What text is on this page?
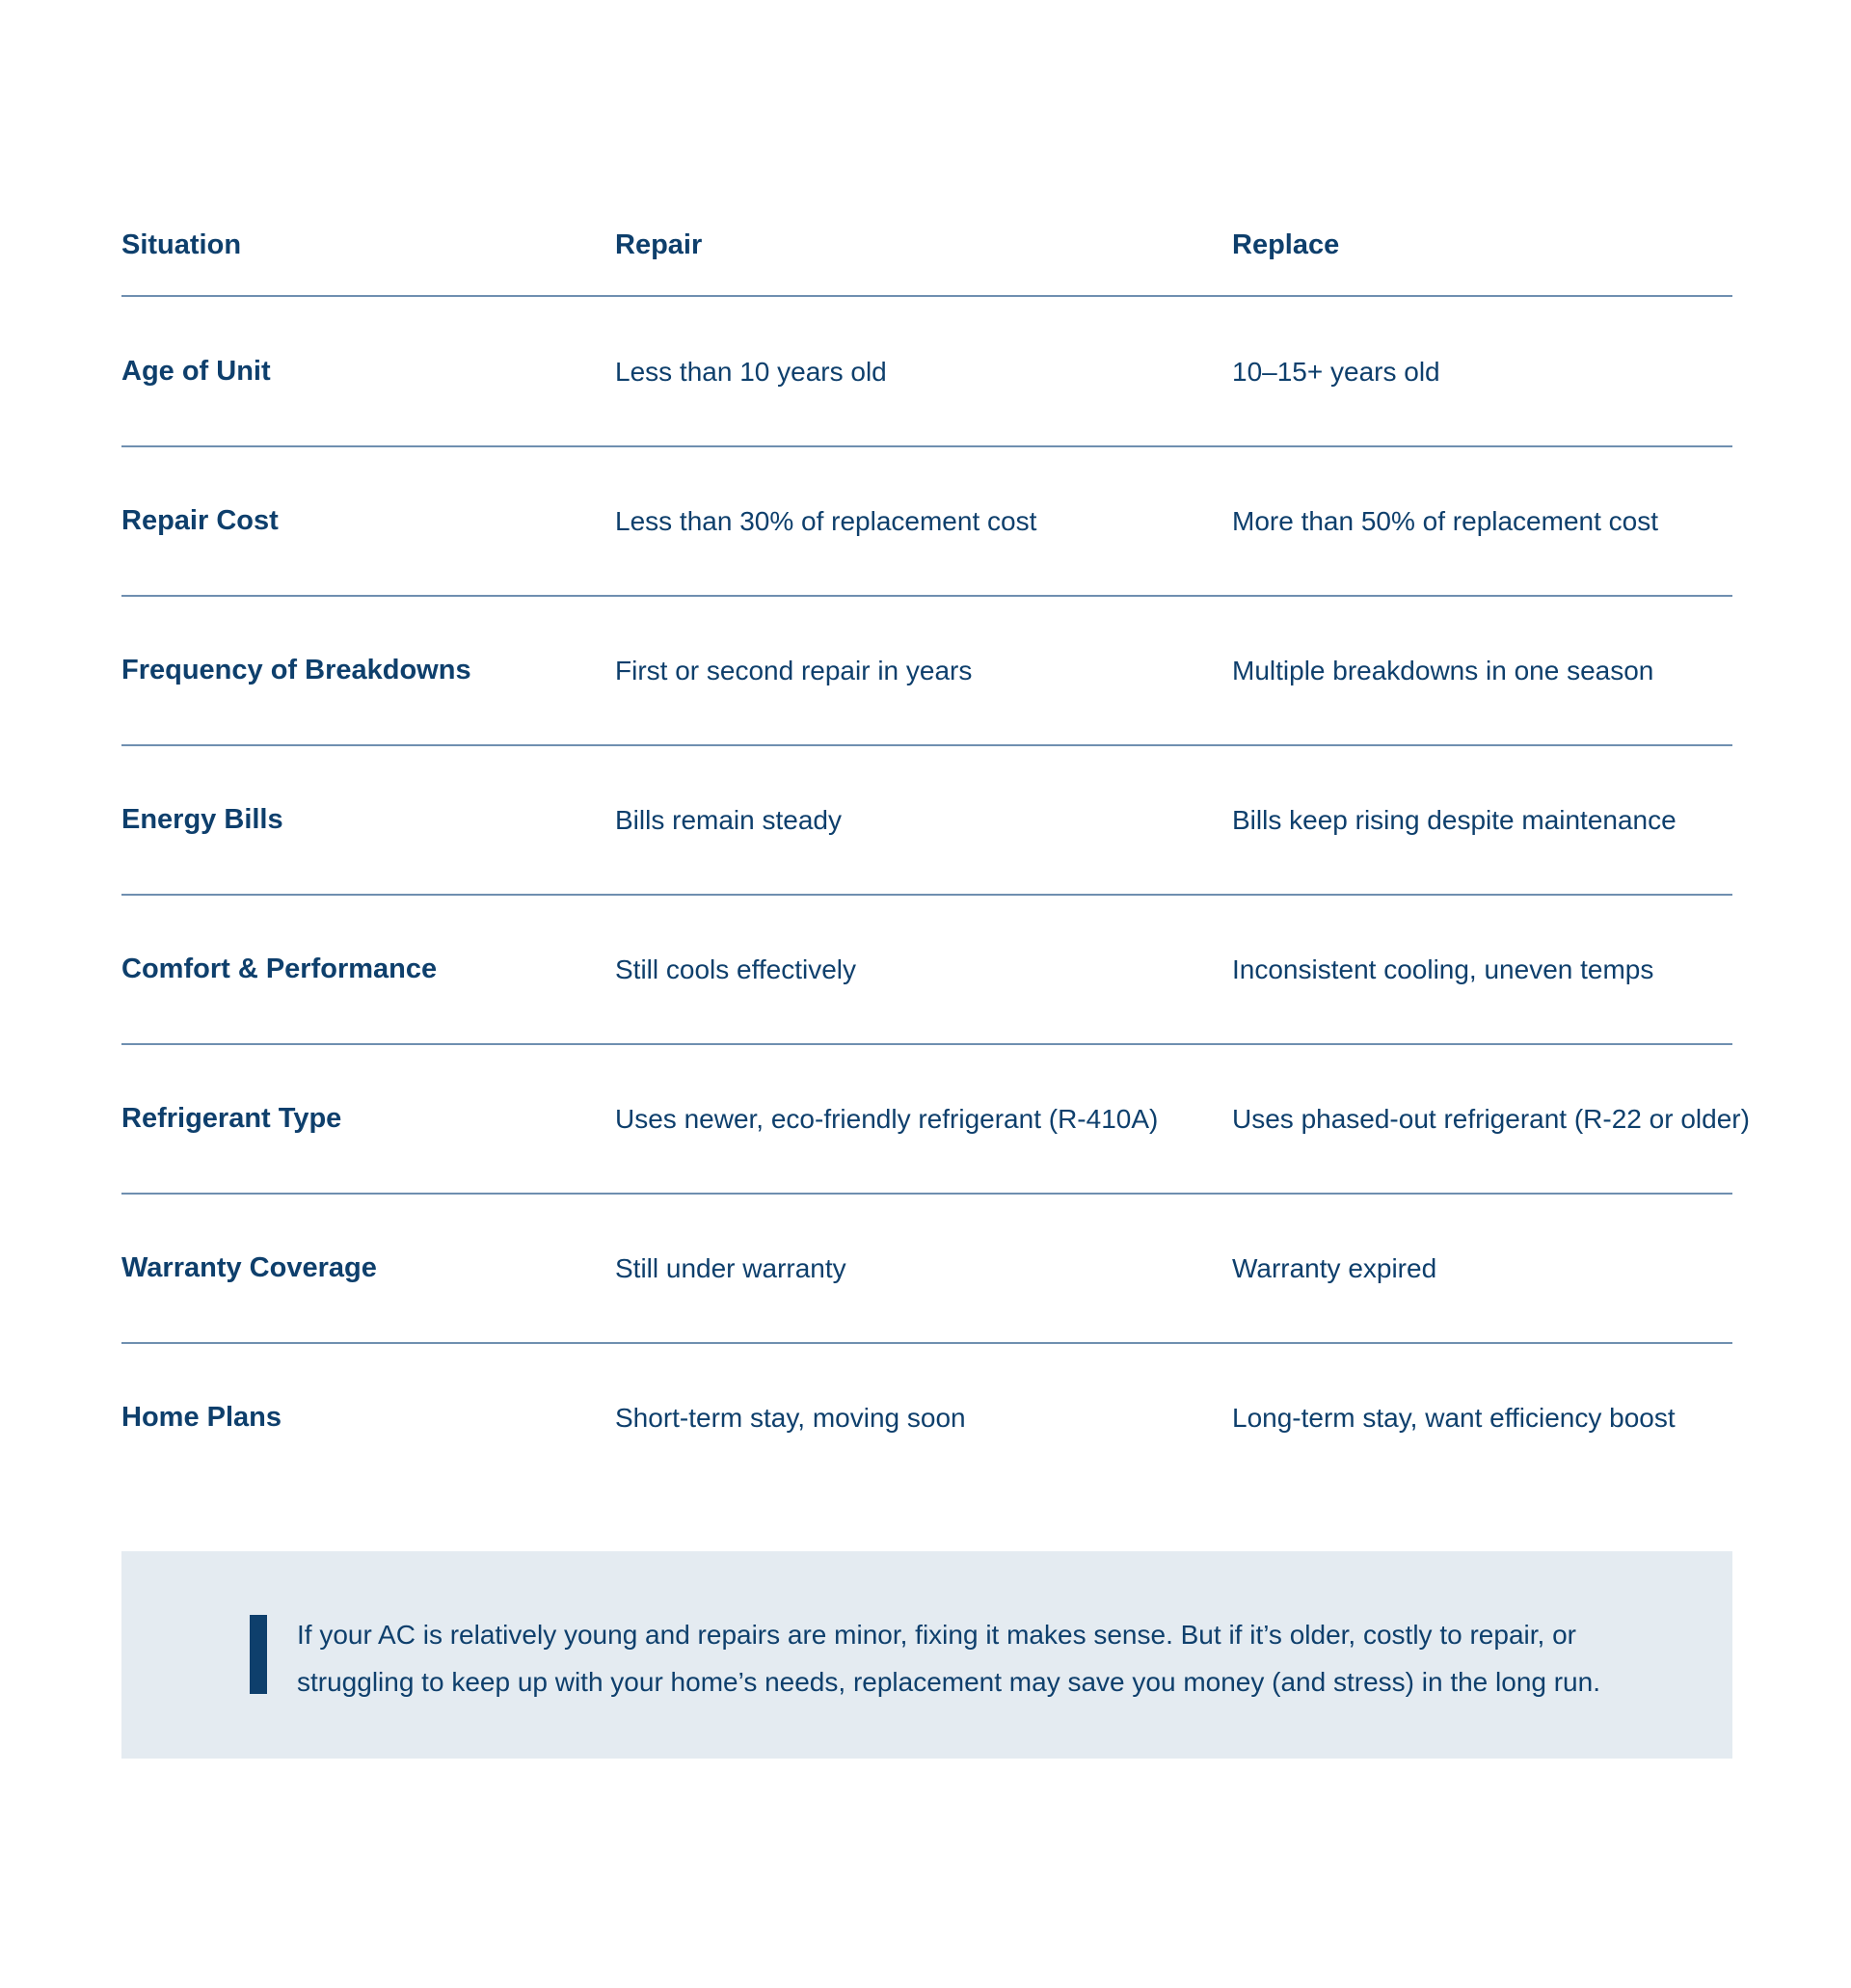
Situation	Repair	Replace
Age of Unit	Less than 10 years old	10–15+ years old
Repair Cost	Less than 30% of replacement cost	More than 50% of replacement cost
Frequency of Breakdowns	First or second repair in years	Multiple breakdowns in one season
Energy Bills	Bills remain steady	Bills keep rising despite maintenance
Comfort & Performance	Still cools effectively	Inconsistent cooling, uneven temps
Refrigerant Type	Uses newer, eco-friendly refrigerant (R-410A)	Uses phased-out refrigerant (R-22 or older)
Warranty Coverage	Still under warranty	Warranty expired
Home Plans	Short-term stay, moving soon	Long-term stay, want efficiency boost
If your AC is relatively young and repairs are minor, fixing it makes sense. But if it’s older, costly to repair, or struggling to keep up with your home’s needs, replacement may save you money (and stress) in the long run.
